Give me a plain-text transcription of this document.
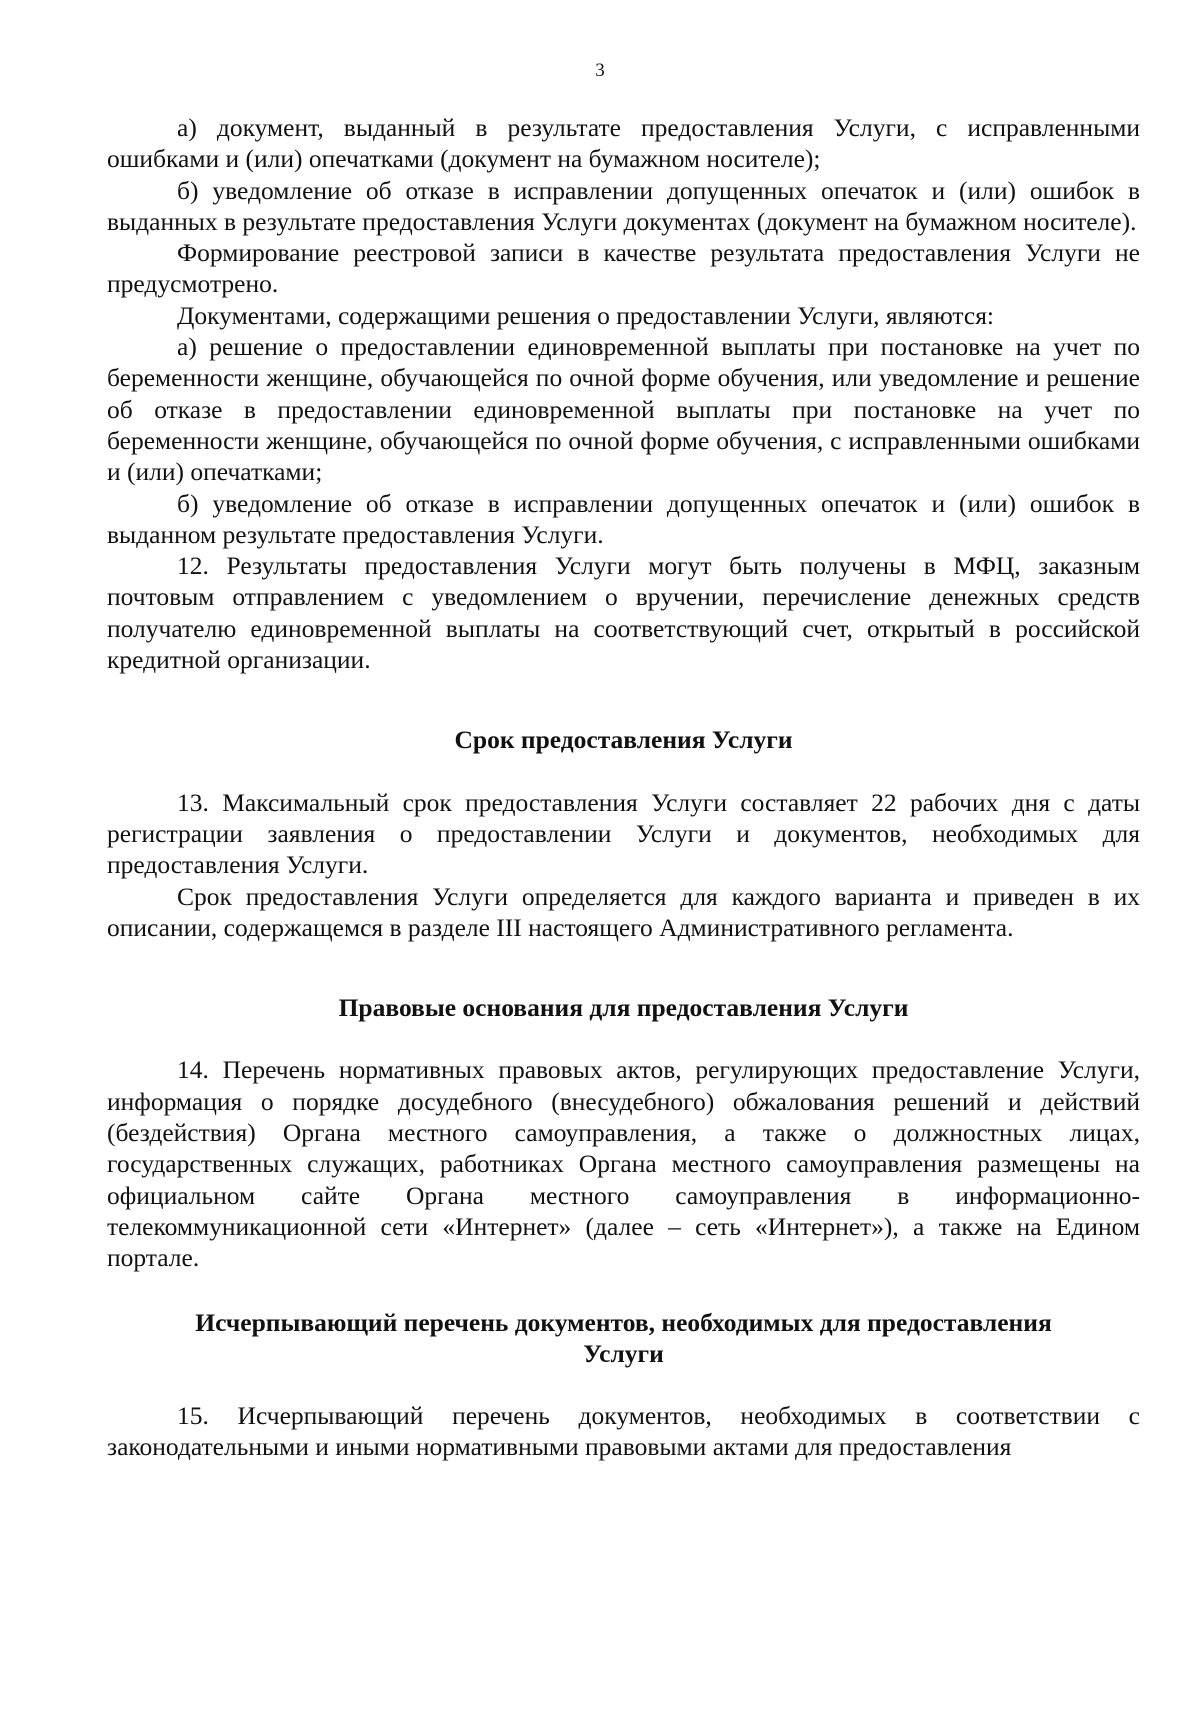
3

а) документ, выданный в результате предоставления Услуги, с исправленными ошибками и (или) опечатками (документ на бумажном носителе);

б) уведомление об отказе в исправлении допущенных опечаток и (или) ошибок в выданных в результате предоставления Услуги документах (документ на бумажном носителе).

Формирование реестровой записи в качестве результата предоставления Услуги не предусмотрено.

Документами, содержащими решения о предоставлении Услуги, являются:

а) решение о предоставлении единовременной выплаты при постановке на учет по беременности женщине, обучающейся по очной форме обучения, или уведомление и решение об отказе в предоставлении единовременной выплаты при постановке на учет по беременности женщине, обучающейся по очной форме обучения, с исправленными ошибками и (или) опечатками;

б) уведомление об отказе в исправлении допущенных опечаток и (или) ошибок в выданном результате предоставления Услуги.

12. Результаты предоставления Услуги могут быть получены в МФЦ, заказным почтовым отправлением с уведомлением о вручении, перечисление денежных средств получателю единовременной выплаты на соответствующий счет, открытый в российской кредитной организации.

Срок предоставления Услуги

13. Максимальный срок предоставления Услуги составляет 22 рабочих дня с даты регистрации заявления о предоставлении Услуги и документов, необходимых для предоставления Услуги.

Срок предоставления Услуги определяется для каждого варианта и приведен в их описании, содержащемся в разделе III настоящего Административного регламента.

Правовые основания для предоставления Услуги

14. Перечень нормативных правовых актов, регулирующих предоставление Услуги, информация о порядке досудебного (внесудебного) обжалования решений и действий (бездействия) Органа местного самоуправления, а также о должностных лицах, государственных служащих, работниках Органа местного самоуправления размещены на официальном сайте Органа местного самоуправления в информационно-телекоммуникационной сети «Интернет» (далее – сеть «Интернет»), а также на Едином портале.

Исчерпывающий перечень документов, необходимых для предоставления
Услуги

15. Исчерпывающий перечень документов, необходимых в соответствии с законодательными и иными нормативными правовыми актами для предоставления
